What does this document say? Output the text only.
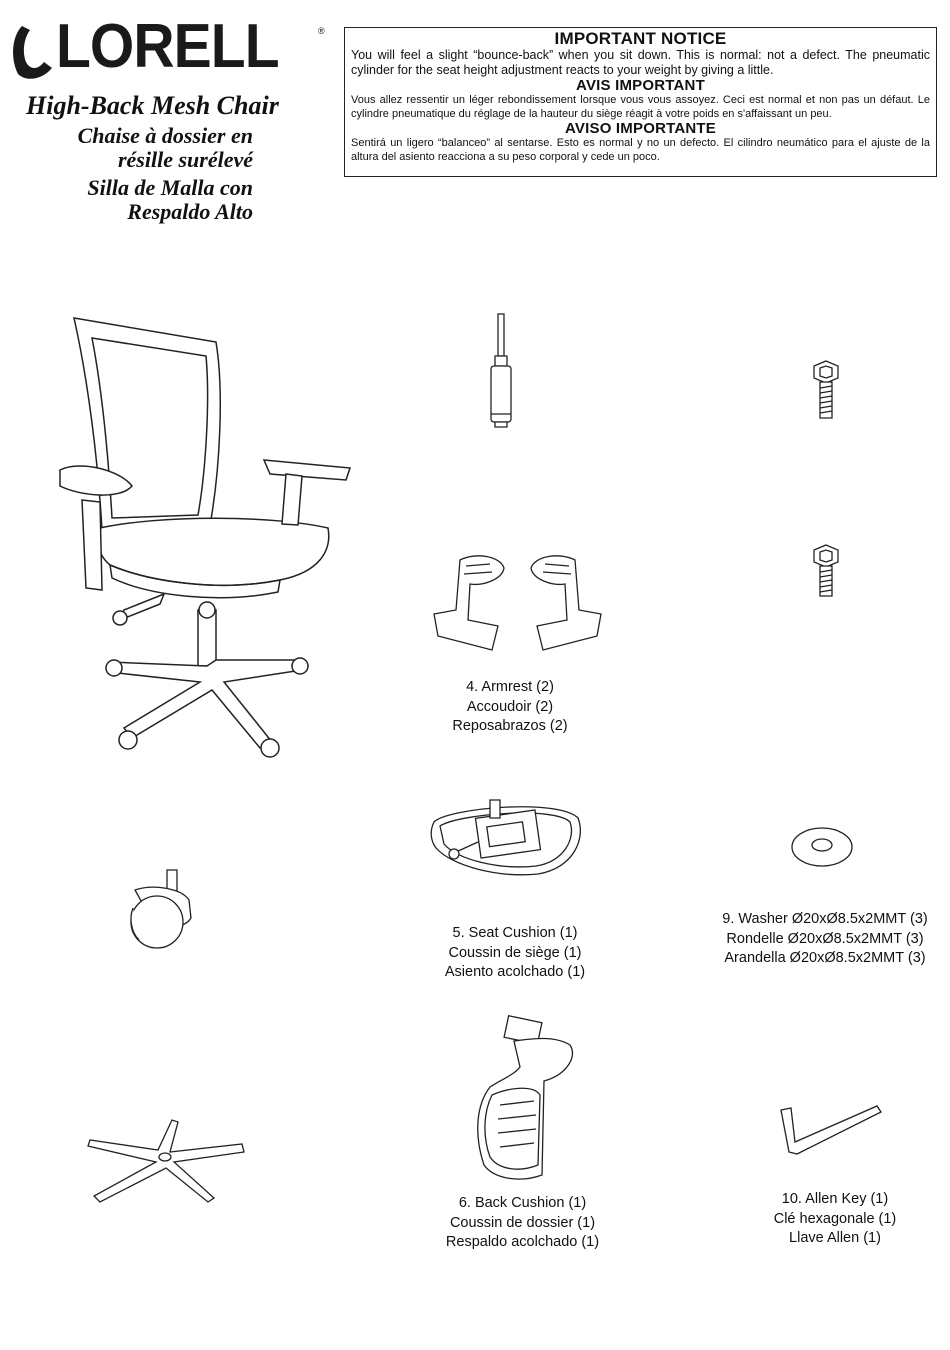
LORELL	®
High-Back Mesh Chair
Chaise à dossier en
résille surélevé
Silla de Malla con
Respaldo Alto
IMPORTANT NOTICE
You will feel a slight “bounce-back” when you sit down. This is normal: not a defect. The pneumatic cylinder for the seat height adjustment reacts to your weight by giving a little.
AVIS IMPORTANT
Vous allez ressentir un léger rebondissement lorsque vous vous assoyez. Ceci est normal et non pas un défaut. Le cylindre pneumatique du réglage de la hauteur du siège réagit à votre poids en s'affaissant un peu.
AVISO IMPORTANTE
Sentirá un ligero “balanceo” al sentarse. Esto es normal y no un defecto. El cilindro neumático para el ajuste de la altura del asiento reacciona a su peso corporal y cede un poco.
4. Armrest (2)
Accoudoir (2)
Reposabrazos (2)
5. Seat Cushion (1)
Coussin de siège (1)
Asiento acolchado (1)
9. Washer Ø20xØ8.5x2MMT (3)
Rondelle Ø20xØ8.5x2MMT (3)
Arandella Ø20xØ8.5x2MMT (3)
6. Back Cushion (1)
Coussin de dossier (1)
Respaldo acolchado (1)
10. Allen Key (1)
Clé hexagonale (1)
Llave Allen (1)
